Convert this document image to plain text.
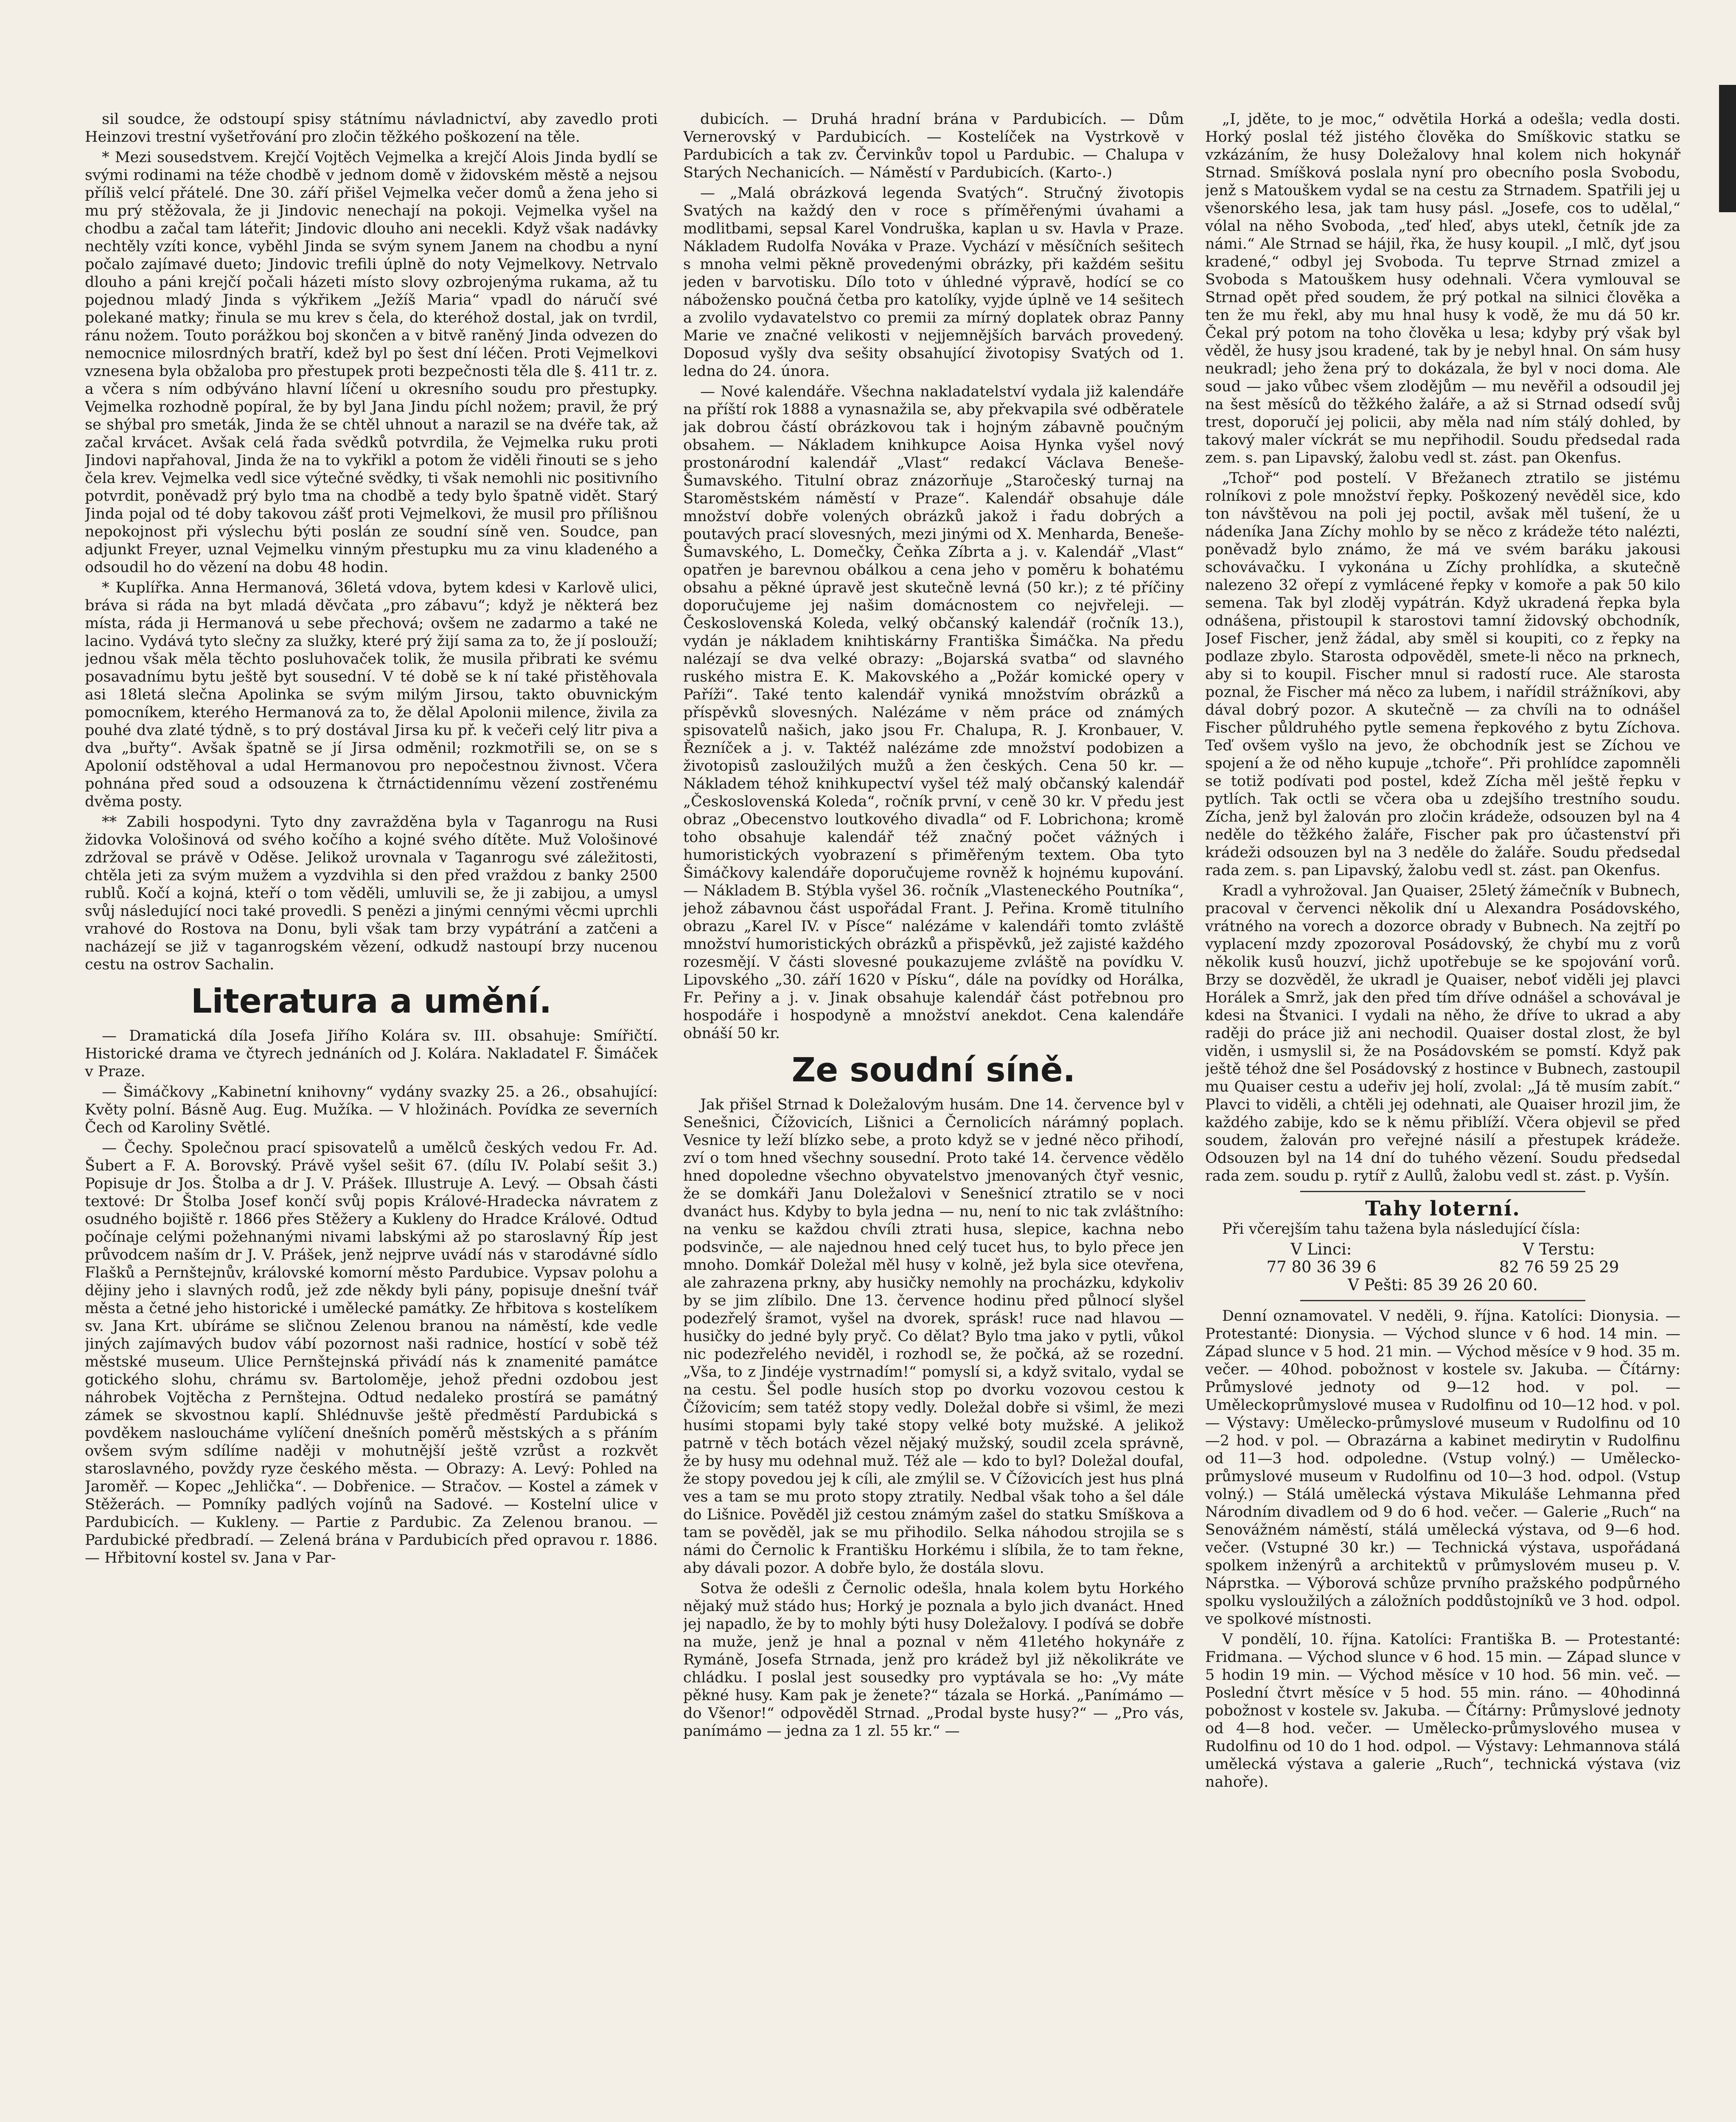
sil soudce, že odstoupí spisy státnímu návladnictví, aby zavedlo proti Heinzovi trestní vyšetřování pro zločin těžkého poškození na těle.

* Mezi sousedstvem. Krejčí Vojtěch Vejmelka a krejčí Alois Jinda bydlí se svými rodinami na téže chodbě v jednom domě v židovském městě a nejsou příliš velcí přátelé. Dne 30. září přišel Vejmelka večer domů a žena jeho si mu prý stěžovala, že ji Jindovic nenechají na pokoji. Vejmelka vyšel na chodbu a začal tam láteřit; Jindovic dlouho ani necekli. Když však nadávky nechtěly vzíti konce, vyběhl Jinda se svým synem Janem na chodbu a nyní počalo zajímavé dueto; Jindovic trefili úplně do noty Vejmelkovy. Netrvalo dlouho a páni krejčí počali házeti místo slovy ozbrojenýma rukama, až tu pojednou mladý Jinda s výkřikem „Ježíš Maria“ vpadl do náručí své polekané matky; řinula se mu krev s čela, do kteréhož dostal, jak on tvrdil, ránu nožem. Touto porážkou boj skončen a v bitvě raněný Jinda odvezen do nemocnice milosrdných bratří, kdež byl po šest dní léčen. Proti Vejmelkovi vznesena byla obžaloba pro přestupek proti bezpečnosti těla dle §. 411 tr. z. a včera s ním odbýváno hlavní líčení u okresního soudu pro přestupky. Vejmelka rozhodně popíral, že by byl Jana Jindu píchl nožem; pravil, že prý se shýbal pro smeták, Jinda že se chtěl uhnout a narazil se na dvéře tak, až začal krvácet. Avšak celá řada svědků potvrdila, že Vejmelka ruku proti Jindovi napřahoval, Jinda že na to vykřikl a potom že viděli řinouti se s jeho čela krev. Vejmelka vedl sice výtečné svědky, ti však nemohli nic positivního potvrdit, poněvadž prý bylo tma na chodbě a tedy bylo špatně vidět. Starý Jinda pojal od té doby takovou zášť proti Vejmelkovi, že musil pro přílišnou nepokojnost při výslechu býti poslán ze soudní síně ven. Soudce, pan adjunkt Freyer, uznal Vejmelku vinným přestupku mu za vinu kladeného a odsoudil ho do vězení na dobu 48 hodin.

* Kuplířka. Anna Hermanová, 36letá vdova, bytem kdesi v Karlově ulici, bráva si ráda na byt mladá děvčata „pro zábavu“; když je některá bez místa, ráda ji Hermanová u sebe přechová; ovšem ne zadarmo a také ne lacino. Vydává tyto slečny za služky, které prý žijí sama za to, že jí poslouží; jednou však měla těchto posluhovaček tolik, že musila přibrati ke svému posavadnímu bytu ještě byt sousední. V té době se k ní také přistěhovala asi 18letá slečna Apolinka se svým milým Jirsou, takto obuvnickým pomocníkem, kterého Hermanová za to, že dělal Apolonii milence, živila za pouhé dva zlaté týdně, s to prý dostával Jirsa ku př. k večeři celý litr piva a dva „buřty“. Avšak špatně se jí Jirsa odměnil; rozkmotřili se, on se s Apolonií odstěhoval a udal Hermanovou pro nepočestnou živnost. Včera pohnána před soud a odsouzena k čtrnáctidennímu vězení zostřenému dvěma posty.

** Zabili hospodyni. Tyto dny zavražděna byla v Taganrogu na Rusi židovka Vološinová od svého kočího a kojné svého dítěte. Muž Vološinové zdržoval se právě v Oděse. Jelikož urovnala v Taganrogu své záležitosti, chtěla jeti za svým mužem a vyzdvihla si den před vraždou z banky 2500 rublů. Kočí a kojná, kteří o tom věděli, umluvili se, že ji zabijou, a umysl svůj následující noci také provedli. S penězi a jinými cennými věcmi uprchli vrahové do Rostova na Donu, byli však tam brzy vypátrání a zatčeni a nacházejí se již v taganrogském vězení, odkudž nastoupí brzy nucenou cestu na ostrov Sachalin.

Literatura a umění.

— Dramatická díla Josefa Jiřího Kolára sv. III. obsahuje: Smířičtí. Historické drama ve čtyrech jednáních od J. Kolára. Nakladatel F. Šimáček v Praze.

— Šimáčkovy „Kabinetní knihovny“ vydány svazky 25. a 26., obsahující: Květy polní. Básně Aug. Eug. Mužíka. — V hložinách. Povídka ze severních Čech od Karoliny Světlé.

— Čechy. Společnou prací spisovatelů a umělců českých vedou Fr. Ad. Šubert a F. A. Borovský. Právě vyšel sešit 67. (dílu IV. Polabí sešit 3.) Popisuje dr Jos. Štolba a dr J. V. Prášek. Illustruje A. Levý. — Obsah části textové: Dr Štolba Josef končí svůj popis Králové-Hradecka návratem z osudného bojiště r. 1866 přes Stěžery a Kukleny do Hradce Králové. Odtud počínaje celými požehnanými nivami labskými až po staroslavný Říp jest průvodcem naším dr J. V. Prášek, jenž nejprve uvádí nás v starodávné sídlo Flašků a Pernštejnův, královské komorní město Pardubice. Vypsav polohu a dějiny jeho i slavných rodů, jež zde někdy byli pány, popisuje dnešní tvář města a četné jeho historické i umělecké památky. Ze hřbitova s kostelíkem sv. Jana Krt. ubíráme se sličnou Zelenou branou na náměstí, kde vedle jiných zajímavých budov vábí pozornost naši radnice, hostící v sobě též městské museum. Ulice Pernštejnská přivádí nás k znamenité památce gotického slohu, chrámu sv. Bartoloměje, jehož předni ozdobou jest náhrobek Vojtěcha z Pernštejna. Odtud nedaleko prostírá se památný zámek se skvostnou kaplí. Shlédnuvše ještě předměstí Pardubická s povděkem nasloucháme vylíčení dnešních poměrů městských a s přáním ovšem svým sdílíme naději v mohutnější ještě vzrůst a rozkvět staroslavného, povždy ryze českého města. — Obrazy: A. Levý: Pohled na Jaroměř. — Kopec „Jehlička“. — Dobřenice. — Stračov. — Kostel a zámek v Stěžerách. — Pomníky padlých vojínů na Sadové. — Kostelní ulice v Pardubicích. — Kukleny. — Partie z Pardubic. Za Zelenou branou. — Pardubické předbradí. — Zelená brána v Pardubicích před opravou r. 1886. — Hřbitovní kostel sv. Jana v Par-

dubicích. — Druhá hradní brána v Pardubicích. — Dům Vernerovský v Pardubicích. — Kostelíček na Vystrkově v Pardubicích a tak zv. Červinkův topol u Pardubic. — Chalupa v Starých Nechanicích. — Náměstí v Pardubicích. (Karto-.)

— „Malá obrázková legenda Svatých“. Stručný životopis Svatých na každý den v roce s příměřenými úvahami a modlitbami, sepsal Karel Vondruška, kaplan u sv. Havla v Praze. Nákladem Rudolfa Nováka v Praze. Vychází v měsíčních sešitech s mnoha velmi pěkně provedenými obrázky, při každém sešitu jeden v barvotisku. Dílo toto v úhledné výpravě, hodící se co nábožensko poučná četba pro katolíky, vyjde úplně ve 14 sešitech a zvolilo vydavatelstvo co premii za mírný doplatek obraz Panny Marie ve značné velikosti v nejjemnějších barvách provedený. Doposud vyšly dva sešity obsahující životopisy Svatých od 1. ledna do 24. února.

— Nové kalendáře. Všechna nakladatelství vydala již kalendáře na příští rok 1888 a vynasnažila se, aby překvapila své odběratele jak dobrou částí obrázkovou tak i hojným zábavně poučným obsahem. — Nákladem knihkupce Aoisa Hynka vyšel nový prostonárodní kalendář „Vlast“ redakcí Václava Beneše-Šumavského. Titulní obraz znázorňuje „Staročeský turnaj na Staroměstském náměstí v Praze“. Kalendář obsahuje dále množství dobře volených obrázků jakož i řadu dobrých a poutavých prací slovesných, mezi jinými od X. Menharda, Beneše-Šumavského, L. Domečky, Čeňka Zíbrta a j. v. Kalendář „Vlast“ opatřen je barevnou obálkou a cena jeho v poměru k bohatému obsahu a pěkné úpravě jest skutečně levná (50 kr.); z té příčiny doporučujeme jej našim domácnostem co nejvřeleji. — Československá Koleda, velký občanský kalendář (ročník 13.), vydán je nákladem knihtiskárny Františka Šimáčka. Na předu nalézají se dva velké obrazy: „Bojarská svatba“ od slavného ruského mistra E. K. Makovského a „Požár komické opery v Paříži“. Také tento kalendář vyniká množstvím obrázků a příspěvků slovesných. Nalézáme v něm práce od známých spisovatelů našich, jako jsou Fr. Chalupa, R. J. Kronbauer, V. Řezníček a j. v. Taktéž nalézáme zde množství podobizen a životopisů zasloužilých mužů a žen českých. Cena 50 kr. — Nákladem téhož knihkupectví vyšel též malý občanský kalendář „Československá Koleda“, ročník první, v ceně 30 kr. V předu jest obraz „Obecenstvo loutkového divadla“ od F. Lobrichona; kromě toho obsahuje kalendář též značný počet vážných i humoristických vyobrazení s přiměřeným textem. Oba tyto Šimáčkovy kalendáře doporučujeme rovněž k hojnému kupování. — Nákladem B. Stýbla vyšel 36. ročník „Vlasteneckého Poutníka“, jehož zábavnou část uspořádal Frant. J. Peřina. Kromě titulního obrazu „Karel IV. v Písce“ nalézáme v kalendáři tomto zvláště množství humoristických obrázků a přispěvků, jež zajisté každého rozesmějí. V části slovesné poukazujeme zvláště na povídku V. Lipovského „30. září 1620 v Písku“, dále na povídky od Horálka, Fr. Peřiny a j. v. Jinak obsahuje kalendář část potřebnou pro hospodáře i hospodyně a množství anekdot. Cena kalendáře obnáší 50 kr.

Ze soudní síně.

Jak přišel Strnad k Doležalovým husám. Dne 14. července byl v Senešnici, Čížovicích, Lišnici a Černolicích nárámný poplach. Vesnice ty leží blízko sebe, a proto když se v jedné něco přihodí, zví o tom hned všechny sousední. Proto také 14. července vědělo hned dopoledne všechno obyvatelstvo jmenovaných čtyř vesnic, že se domkáři Janu Doležalovi v Senešnicí ztratilo se v noci dvanáct hus. Kdyby to byla jedna — nu, není to nic tak zvláštního: na venku se každou chvíli ztrati husa, slepice, kachna nebo podsvinče, — ale najednou hned celý tucet hus, to bylo přece jen mnoho. Domkář Doležal měl husy v kolně, jež byla sice otevřena, ale zahrazena prkny, aby husičky nemohly na procházku, kdykoliv by se jim zlíbilo. Dne 13. července hodinu před půlnocí slyšel podezřelý šramot, vyšel na dvorek, sprásk! ruce nad hlavou — husičky do jedné byly pryč. Co dělat? Bylo tma jako v pytli, vůkol nic podezřelého neviděl, i rozhodl se, že počká, až se rozední. „Vša, to z Jindéje vystrnadím!“ pomyslí si, a když svitalo, vydal se na cestu. Šel podle husích stop po dvorku vozovou cestou k Čížovicím; sem tatéž stopy vedly. Doležal dobře si všiml, že mezi husími stopami byly také stopy velké boty mužské. A jelikož patrně v těch botách vězel nějaký mužský, soudil zcela správně, že by husy mu odehnal muž. Též ale — kdo to byl? Doležal doufal, že stopy povedou jej k cíli, ale zmýlil se. V Čížovicích jest hus plná ves a tam se mu proto stopy ztratily. Nedbal však toho a šel dále do Lišnice. Pověděl již cestou známým zašel do statku Smíškova a tam se pověděl, jak se mu přihodilo. Selka náhodou strojila se s námi do Černolic k Františku Horkému i slíbila, že to tam řekne, aby dávali pozor. A dobře bylo, že dostála slovu.

Sotva že odešli z Černolic odešla, hnala kolem bytu Horkého nějaký muž stádo hus; Horký je poznala a bylo jich dvanáct. Hned jej napadlo, že by to mohly býti husy Doležalovy. I podívá se dobře na muže, jenž je hnal a poznal v něm 41letého hokynáře z Rymáně, Josefa Strnada, jenž pro krádež byl již několikráte ve chládku. I poslal jest sousedky pro vyptávala se ho: „Vy máte pěkné husy. Kam pak je ženete?“ tázala se Horká. „Panímámo — do Všenor!“ odpověděl Strnad. „Prodal byste husy?“ — „Pro vás, panímámo — jedna za 1 zl. 55 kr.“ —

„I, jděte, to je moc,“ odvětila Horká a odešla; vedla dosti. Horký poslal též jistého člověka do Smíškovic statku se vzkázáním, že husy Doležalovy hnal kolem nich hokynář Strnad. Smíšková poslala nyní pro obecního posla Svobodu, jenž s Matouškem vydal se na cestu za Strnadem. Spatřili jej u všenorského lesa, jak tam husy pásl. „Josefe, cos to udělal,“ vólal na něho Svoboda, „teď hleď, abys utekl, četník jde za námi.“ Ale Strnad se hájil, řka, že husy koupil. „I mlč, dyť jsou kradené,“ odbyl jej Svoboda. Tu teprve Strnad zmizel a Svoboda s Matouškem husy odehnali. Včera vymlouval se Strnad opět před soudem, že prý potkal na silnici člověka a ten že mu řekl, aby mu hnal husy k vodě, že mu dá 50 kr. Čekal prý potom na toho člověka u lesa; kdyby prý však byl věděl, že husy jsou kradené, tak by je nebyl hnal. On sám husy neukradl; jeho žena prý to dokázala, že byl v noci doma. Ale soud — jako vůbec všem zlodějům — mu nevěřil a odsoudil jej na šest měsíců do těžkého žaláře, a až si Strnad odsedí svůj trest, doporučí jej policii, aby měla nad ním stálý dohled, by takový maler víckrát se mu nepřihodil. Soudu předsedal rada zem. s. pan Lipavský, žalobu vedl st. zást. pan Okenfus.

„Tchoř“ pod postelí. V Břežanech ztratilo se jistému rolníkovi z pole množství řepky. Poškozený nevěděl sice, kdo ton návštěvou na poli jej poctil, avšak měl tušení, že u nádeníka Jana Zíchy mohlo by se něco z krádeže této nalézti, poněvadž bylo známo, že má ve svém baráku jakousi schovávačku. I vykonána u Zíchy prohlídka, a skutečně nalezeno 32 ořepí z vymlácené řepky v komoře a pak 50 kilo semena. Tak byl zloděj vypátrán. Když ukradená řepka byla odnášena, přistoupil k starostovi tamní židovský obchodník, Josef Fischer, jenž žádal, aby směl si koupiti, co z řepky na podlaze zbylo. Starosta odpověděl, smete-li něco na prknech, aby si to koupil. Fischer mnul si radostí ruce. Ale starosta poznal, že Fischer má něco za lubem, i nařídil strážníkovi, aby dával dobrý pozor. A skutečně — za chvíli na to odnášel Fischer půldruhého pytle semena řepkového z bytu Zíchova. Teď ovšem vyšlo na jevo, že obchodník jest se Zíchou ve spojení a že od něho kupuje „tchoře“. Při prohlídce zapomněli se totiž podívati pod postel, kdež Zícha měl ještě řepku v pytlích. Tak octli se včera oba u zdejšího trestního soudu. Zícha, jenž byl žalován pro zločin krádeže, odsouzen byl na 4 neděle do těžkého žaláře, Fischer pak pro účastenství při krádeži odsouzen byl na 3 neděle do žaláře. Soudu předsedal rada zem. s. pan Lipavský, žalobu vedl st. zást. pan Okenfus.

Kradl a vyhrožoval. Jan Quaiser, 25letý žámečník v Bubnech, pracoval v červenci několik dní u Alexandra Posádovského, vrátného na vorech a dozorce obrady v Bubnech. Na zejtří po vyplacení mzdy zpozoroval Posádovský, že chybí mu z vorů několik kusů houzví, jichž upotřebuje se ke spojování vorů. Brzy se dozvěděl, že ukradl je Quaiser, neboť viděli jej plavci Horálek a Smrž, jak den před tím dříve odnášel a schovával je kdesi na Štvanici. I vydali na něho, že dříve to ukrad a aby raději do práce již ani nechodil. Quaiser dostal zlost, že byl viděn, i usmyslil si, že na Posádovském se pomstí. Když pak ještě téhož dne šel Posádovský z hostince v Bubnech, zastoupil mu Quaiser cestu a udeřiv jej holí, zvolal: „Já tě musím zabít.“ Plavci to viděli, a chtěli jej odehnati, ale Quaiser hrozil jim, že každého zabije, kdo se k němu přiblíží. Včera objevil se před soudem, žalován pro veřejné násilí a přestupek krádeže. Odsouzen byl na 14 dní do tuhého vězení. Soudu předsedal rada zem. soudu p. rytíř z Aullů, žalobu vedl st. zást. p. Vyšín.

Tahy loterní.

Při včerejším tahu tažena byla následující čísla:

V Linci:	V Terstu:
77 80 36 39 6	82 76 59 25 29
V Pešti: 85 39 26 20 60.

Denní oznamovatel. V neděli, 9. října. Katolíci: Dionysia. — Protestanté: Dionysia. — Východ slunce v 6 hod. 14 min. — Západ slunce v 5 hod. 21 min. — Východ měsíce v 9 hod. 35 m. večer. — 40hod. pobožnost v kostele sv. Jakuba. — Čítárny: Průmyslové jednoty od 9—12 hod. v pol. — Uměleckoprůmyslové musea v Rudolfinu od 10—12 hod. v pol. — Výstavy: Umělecko-průmyslové museum v Rudolfinu od 10—2 hod. v pol. — Obrazárna a kabinet medirytin v Rudolfinu od 11—3 hod. odpoledne. (Vstup volný.) — Umělecko-průmyslové museum v Rudolfinu od 10—3 hod. odpol. (Vstup volný.) — Stálá umělecká výstava Mikuláše Lehmanna před Národním divadlem od 9 do 6 hod. večer. — Galerie „Ruch“ na Senovážném náměstí, stálá umělecká výstava, od 9—6 hod. večer. (Vstupné 30 kr.) — Technická výstava, uspořádaná spolkem inženýrů a architektů v průmyslovém museu p. V. Náprstka. — Výborová schůze prvního pražského podpůrného spolku vysloužilých a záložních poddůstojníků ve 3 hod. odpol. ve spolkové místnosti.

V pondělí, 10. října. Katolíci: Františka B. — Protestanté: Fridmana. — Východ slunce v 6 hod. 15 min. — Západ slunce v 5 hodin 19 min. — Východ měsíce v 10 hod. 56 min. več. — Poslední čtvrt měsíce v 5 hod. 55 min. ráno. — 40hodinná pobožnost v kostele sv. Jakuba. — Čítárny: Průmyslové jednoty od 4—8 hod. večer. — Umělecko-průmyslového musea v Rudolfinu od 10 do 1 hod. odpol. — Výstavy: Lehmannova stálá umělecká výstava a galerie „Ruch“, technická výstava (viz nahoře).
